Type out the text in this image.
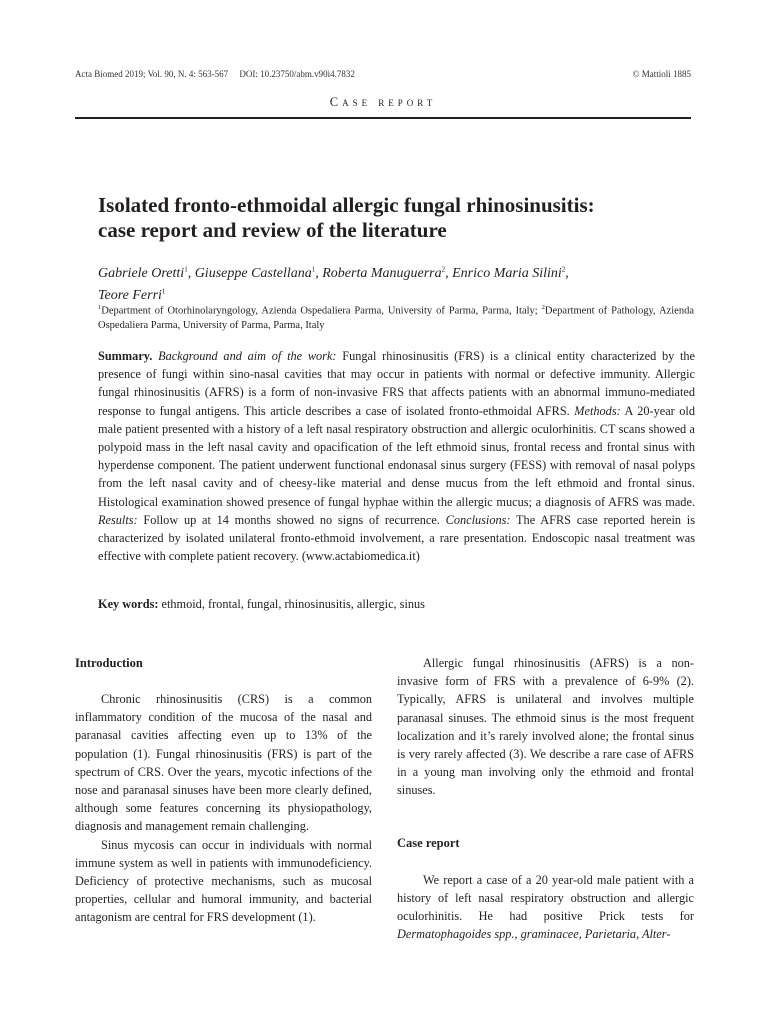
Acta Biomed 2019; Vol. 90, N. 4: 563-567     DOI: 10.23750/abm.v90i4.7832	© Mattioli 1885
Case report
Isolated fronto-ethmoidal allergic fungal rhinosinusitis:
case report and review of the literature
Gabriele Oretti$^1$, Giuseppe Castellana$^1$, Roberta Manuguerra$^2$, Enrico Maria Silini$^2$,
Teore Ferri$^1$
$^1$Department of Otorhinolaryngology, Azienda Ospedaliera Parma, University of Parma, Parma, Italy; $^2$Department of Pathology, Azienda Ospedaliera Parma, University of Parma, Parma, Italy
Summary. Background and aim of the work: Fungal rhinosinusitis (FRS) is a clinical entity characterized by the presence of fungi within sino-nasal cavities that may occur in patients with normal or defective immunity. Allergic fungal rhinosinusitis (AFRS) is a form of non-invasive FRS that affects patients with an abnormal immuno-mediated response to fungal antigens. This article describes a case of isolated fronto-ethmoidal AFRS. Methods: A 20-year old male patient presented with a history of a left nasal respiratory obstruction and allergic oculorhinitis. CT scans showed a polypoid mass in the left nasal cavity and opacification of the left ethmoid sinus, frontal recess and frontal sinus with hyperdense component. The patient underwent functional endonasal sinus surgery (FESS) with removal of nasal polyps from the left nasal cavity and of cheesy-like material and dense mucus from the left ethmoid and frontal sinus. Histological examination showed presence of fungal hyphae within the allergic mucus; a diagnosis of AFRS was made. Results: Follow up at 14 months showed no signs of recurrence. Conclusions: The AFRS case reported herein is characterized by isolated unilateral fronto-ethmoid involvement, a rare presentation. Endoscopic nasal treatment was effective with complete patient recovery. (www.actabiomedica.it)
Key words: ethmoid, frontal, fungal, rhinosinusitis, allergic, sinus
Introduction

Chronic rhinosinusitis (CRS) is a common inflammatory condition of the mucosa of the nasal and paranasal cavities affecting even up to 13% of the population (1). Fungal rhinosinusitis (FRS) is part of the spectrum of CRS. Over the years, mycotic infections of the nose and paranasal sinuses have been more clearly defined, although some features concerning its physiopathology, diagnosis and management remain challenging.

Sinus mycosis can occur in individuals with normal immune system as well in patients with immunodeficiency. Deficiency of protective mechanisms, such as mucosal properties, cellular and humoral immunity, and bacterial antagonism are central for FRS development (1).

Allergic fungal rhinosinusitis (AFRS) is a non-invasive form of FRS with a prevalence of 6-9% (2). Typically, AFRS is unilateral and involves multiple paranasal sinuses. The ethmoid sinus is the most frequent localization and it’s rarely involved alone; the frontal sinus is very rarely affected (3). We describe a rare case of AFRS in a young man involving only the ethmoid and frontal sinuses.

Case report

We report a case of a 20 year-old male patient with a history of left nasal respiratory obstruction and allergic oculorhinitis. He had positive Prick tests for Dermatophagoides spp., graminacee, Parietaria, Alter-
